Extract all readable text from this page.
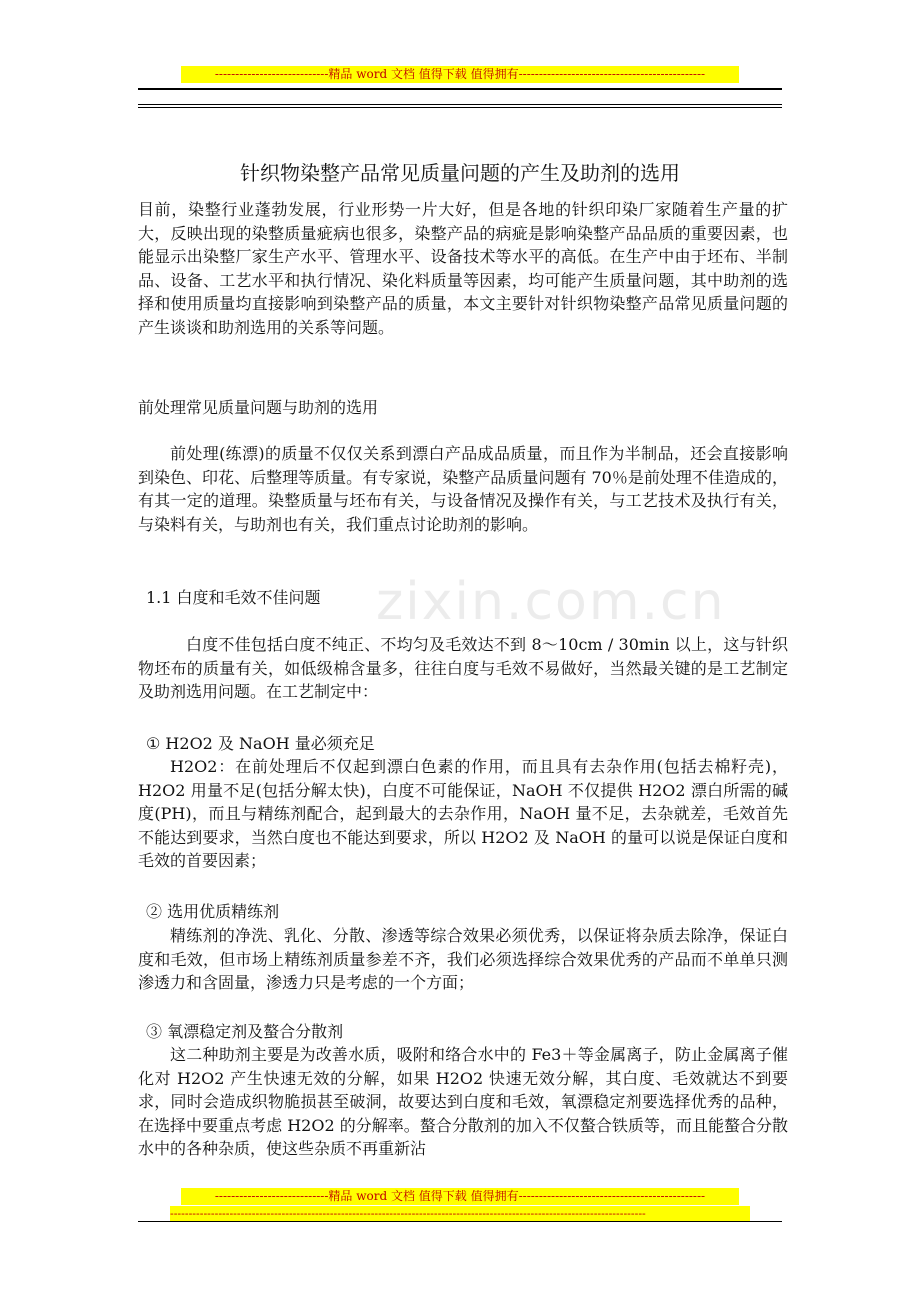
----------------------------精品 word 文档 值得下载 值得拥有----------------------------------------------
zixin.com.cn
针织物染整产品常见质量问题的产生及助剂的选用

目前，染整行业蓬勃发展，行业形势一片大好，但是各地的针织印染厂家随着生产量的扩大，反映出现的染整质量疵病也很多，染整产品的病疵是影响染整产品品质的重要因素，也能显示出染整厂家生产水平、管理水平、设备技术等水平的高低。在生产中由于坯布、半制品、设备、工艺水平和执行情况、染化料质量等因素，均可能产生质量问题，其中助剂的选择和使用质量均直接影响到染整产品的质量，本文主要针对针织物染整产品常见质量问题的产生谈谈和助剂选用的关系等问题。

前处理常见质量问题与助剂的选用

前处理(练漂)的质量不仅仅关系到漂白产品成品质量，而且作为半制品，还会直接影响到染色、印花、后整理等质量。有专家说，染整产品质量问题有 70％是前处理不佳造成的，有其一定的道理。染整质量与坯布有关，与设备情况及操作有关，与工艺技术及执行有关，与染料有关，与助剂也有关，我们重点讨论助剂的影响。

1.1 白度和毛效不佳问题

白度不佳包括白度不纯正、不均匀及毛效达不到 8～10cm / 30min 以上，这与针织物坯布的质量有关，如低级棉含量多，往往白度与毛效不易做好，当然最关键的是工艺制定及助剂选用问题。在工艺制定中：

① H2O2 及 NaOH 量必须充足

H2O2：在前处理后不仅起到漂白色素的作用，而且具有去杂作用(包括去棉籽壳)，H2O2 用量不足(包括分解太快)，白度不可能保证，NaOH 不仅提供 H2O2 漂白所需的碱度(PH)，而且与精练剂配合，起到最大的去杂作用，NaOH 量不足，去杂就差，毛效首先不能达到要求，当然白度也不能达到要求，所以 H2O2 及 NaOH 的量可以说是保证白度和毛效的首要因素；

② 选用优质精练剂

精练剂的净洗、乳化、分散、渗透等综合效果必须优秀，以保证将杂质去除净，保证白度和毛效，但市场上精练剂质量参差不齐，我们必须选择综合效果优秀的产品而不单单只测渗透力和含固量，渗透力只是考虑的一个方面；

③ 氧漂稳定剂及螯合分散剂

这二种助剂主要是为改善水质，吸附和络合水中的 Fe3＋等金属离子，防止金属离子催化对 H2O2 产生快速无效的分解，如果 H2O2 快速无效分解，其白度、毛效就达不到要求，同时会造成织物脆损甚至破洞，故要达到白度和毛效，氧漂稳定剂要选择优秀的品种，在选择中要重点考虑 H2O2 的分解率。螯合分散剂的加入不仅螯合铁质等，而且能螯合分散水中的各种杂质，使这些杂质不再重新沾

----------------------------精品 word 文档 值得下载 值得拥有----------------------------------------------
--------------------------------------------------------------------------------------------------------------------------------
